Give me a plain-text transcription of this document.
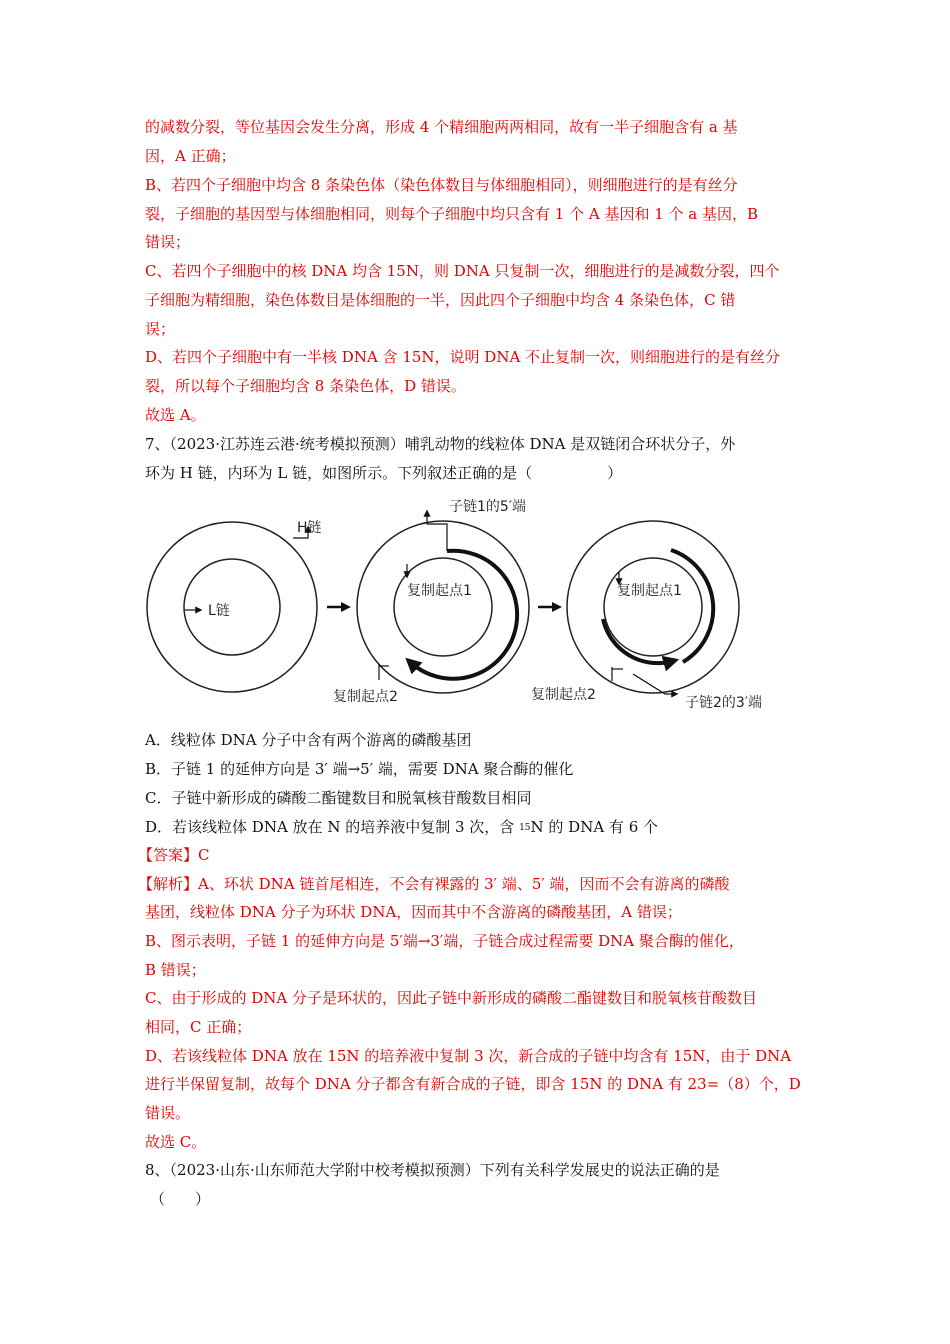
的减数分裂，等位基因会发生分离，形成 4 个精细胞两两相同，故有一半子细胞含有 a 基
因，A 正确；
B、若四个子细胞中均含 8 条染色体（染色体数目与体细胞相同），则细胞进行的是有丝分
裂，子细胞的基因型与体细胞相同，则每个子细胞中均只含有 1 个 A 基因和 1 个 a 基因，B
错误；
C、若四个子细胞中的核 DNA 均含 15N，则 DNA 只复制一次，细胞进行的是减数分裂，四个
子细胞为精细胞，染色体数目是体细胞的一半，因此四个子细胞中均含 4 条染色体，C 错
误；
D、若四个子细胞中有一半核 DNA 含 15N，说明 DNA 不止复制一次，则细胞进行的是有丝分
裂，所以每个子细胞均含 8 条染色体，D 错误。
故选 A。
7、（2023·江苏连云港·统考模拟预测）哺乳动物的线粒体 DNA 是双链闭合环状分子，外
环为 H 链，内环为 L 链，如图所示。下列叙述正确的是（　　　　　）
H链
L链
子链1的5′端
复制起点1
复制起点2
复制起点1
复制起点2	子链2的3′端
A．线粒体 DNA 分子中含有两个游离的磷酸基团
B．子链 1 的延伸方向是 3′ 端→5′ 端，需要 DNA 聚合酶的催化
C．子链中新形成的磷酸二酯键数目和脱氧核苷酸数目相同
D．若该线粒体 DNA 放在 N 的培养液中复制 3 次，含 $^{15}$N 的 DNA 有 6 个
【答案】C
【解析】A、环状 DNA 链首尾相连，不会有裸露的 3′ 端、5′ 端，因而不会有游离的磷酸
基团，线粒体 DNA 分子为环状 DNA，因而其中不含游离的磷酸基团，A 错误；
B、图示表明，子链 1 的延伸方向是 5′端→3′端，子链合成过程需要 DNA 聚合酶的催化，
B 错误；
C、由于形成的 DNA 分子是环状的，因此子链中新形成的磷酸二酯键数目和脱氧核苷酸数目
相同，C 正确；
D、若该线粒体 DNA 放在 15N 的培养液中复制 3 次，新合成的子链中均含有 15N，由于 DNA
进行半保留复制，故每个 DNA 分子都含有新合成的子链，即含 15N 的 DNA 有 23=（8）个，D
错误。
故选 C。
8、（2023·山东·山东师范大学附中校考模拟预测）下列有关科学发展史的说法正确的是
（　　）
